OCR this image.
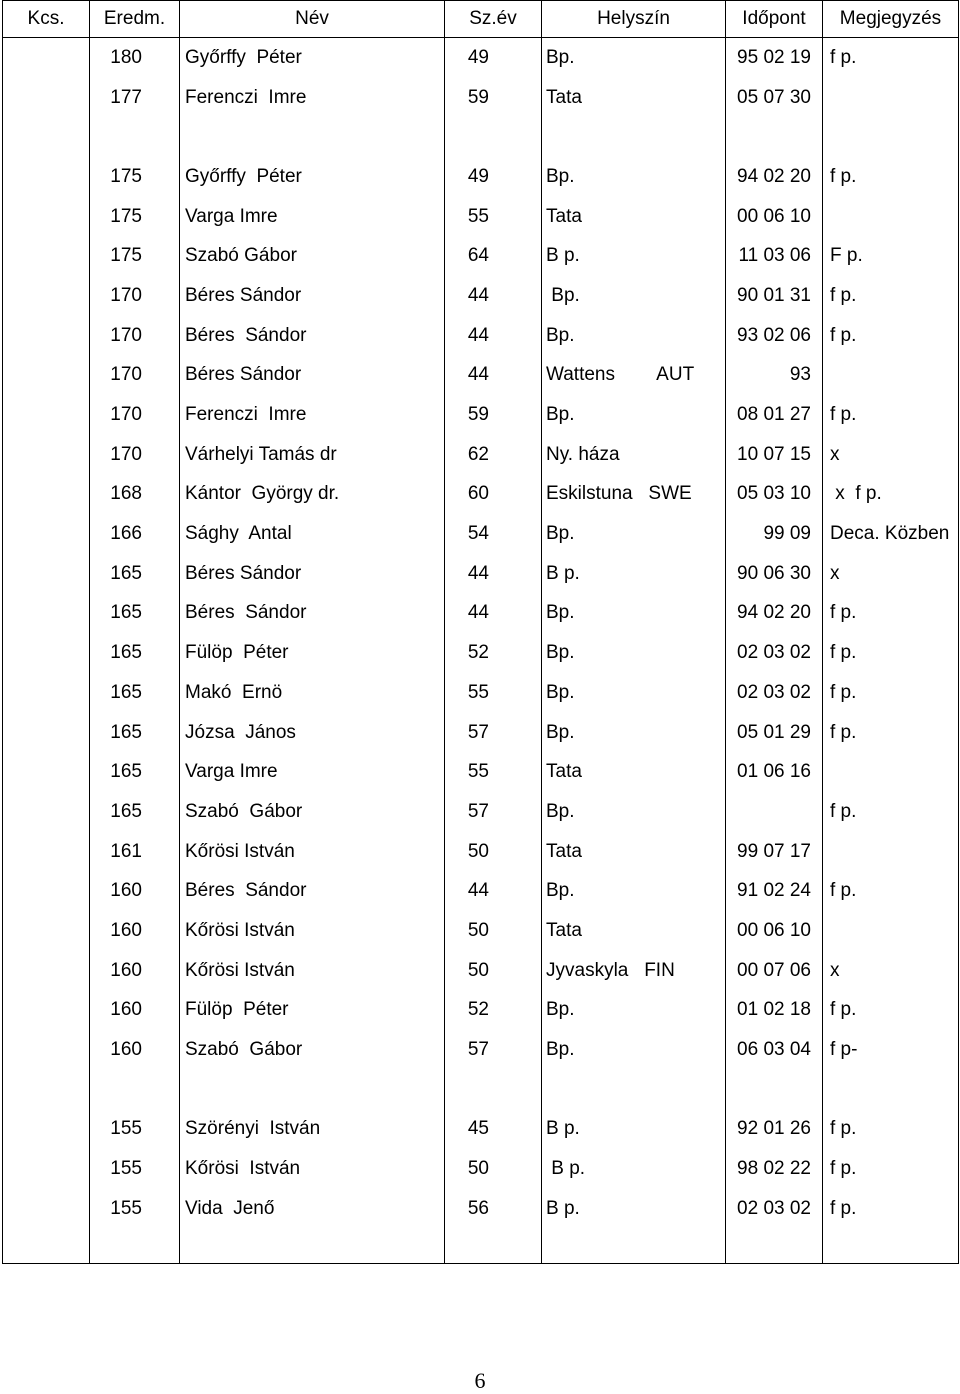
Kcs.	Eredm.	Név	Sz.év	Helyszín	Időpont	Megjegyzés
	180	Győrffy  Péter	49	Bp.	95 02 19	f p.
	177	Ferenczi  Imre	59	Tata	05 07 30	

	175	Győrffy  Péter	49	Bp.	94 02 20	f p.
	175	Varga Imre	55	Tata	00 06 10	
	175	Szabó Gábor	64	B p.	11 03 06	F p.
	170	Béres Sándor	44	Bp.	90 01 31	f p.
	170	Béres  Sándor	44	Bp.	93 02 06	f p.
	170	Béres Sándor	44	Wattens        AUT	93	
	170	Ferenczi  Imre	59	Bp.	08 01 27	f p.
	170	Várhelyi Tamás dr	62	Ny. háza	10 07 15	x
	168	Kántor  György dr.	60	Eskilstuna   SWE	05 03 10	x  f p.
	166	Sághy  Antal	54	Bp.	99 09	Deca. Közben
	165	Béres Sándor	44	B p.	90 06 30	x
	165	Béres  Sándor	44	Bp.	94 02 20	f p.
	165	Fülöp  Péter	52	Bp.	02 03 02	f p.
	165	Makó  Ernö	55	Bp.	02 03 02	f p.
	165	Józsa  János	57	Bp.	05 01 29	f p.
	165	Varga Imre	55	Tata	01 06 16	
	165	Szabó  Gábor	57	Bp.		f p.
	161	Kőrösi István	50	Tata	99 07 17	
	160	Béres  Sándor	44	Bp.	91 02 24	f p.
	160	Kőrösi István	50	Tata	00 06 10	
	160	Kőrösi István	50	Jyvaskyla   FIN	00 07 06	x
	160	Fülöp  Péter	52	Bp.	01 02 18	f p.
	160	Szabó  Gábor	57	Bp.	06 03 04	f p-

	155	Szörényi  István	45	B p.	92 01 26	f p.
	155	Kőrösi  István	50	B p.	98 02 22	f p.
	155	Vida  Jenő	56	B p.	02 03 02	f p.

6
